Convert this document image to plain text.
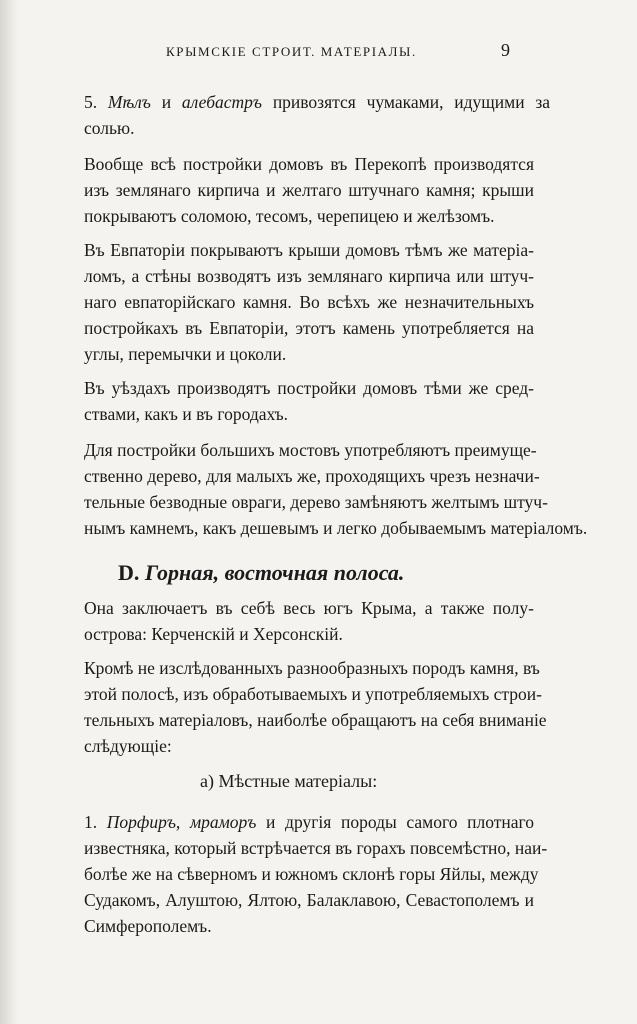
КРЫМСКІЕ СТРОИТ. МАТЕРІАЛЫ.	9
5. Мѣлъ и алебастръ привозятся чумаками, идущими за
солью.
Вообще всѣ постройки домовъ въ Перекопѣ производятся
изъ землянаго кирпича и желтаго штучнаго камня; крыши
покрываютъ соломою, тесомъ, черепицею и желѣзомъ.
Въ Евпаторіи покрываютъ крыши домовъ тѣмъ же матеріа-
ломъ, а стѣны возводятъ изъ землянаго кирпича или штуч-
наго евпаторійскаго камня. Во всѣхъ же незначительныхъ
постройкахъ въ Евпаторіи, этотъ камень употребляется на
углы, перемычки и цоколи.
Въ уѣздахъ производятъ постройки домовъ тѣми же сред-
ствами, какъ и въ городахъ.
Для постройки большихъ мостовъ употребляютъ преимуще-
ственно дерево, для малыхъ же, проходящихъ чрезъ незначи-
тельные безводные овраги, дерево замѣняютъ желтымъ штуч-
нымъ камнемъ, какъ дешевымъ и легко добываемымъ матеріаломъ.
D. Горная, восточная полоса.
Она заключаетъ въ себѣ весь югъ Крыма, а также полу-
острова: Керченскій и Херсонскій.
Кромѣ не изслѣдованныхъ разнообразныхъ породъ камня, въ
этой полосѣ, изъ обработываемыхъ и употребляемыхъ строи-
тельныхъ матеріаловъ, наиболѣе обращаютъ на себя вниманіе
слѣдующіе:
а) Мѣстные матеріалы:
1. Порфиръ, мраморъ и другія породы самого плотнаго
известняка, который встрѣчается въ горахъ повсемѣстно, наи-
болѣе же на сѣверномъ и южномъ склонѣ горы Яйлы, между
Судакомъ, Алуштою, Ялтою, Балаклавою, Севастополемъ и
Симферополемъ.
